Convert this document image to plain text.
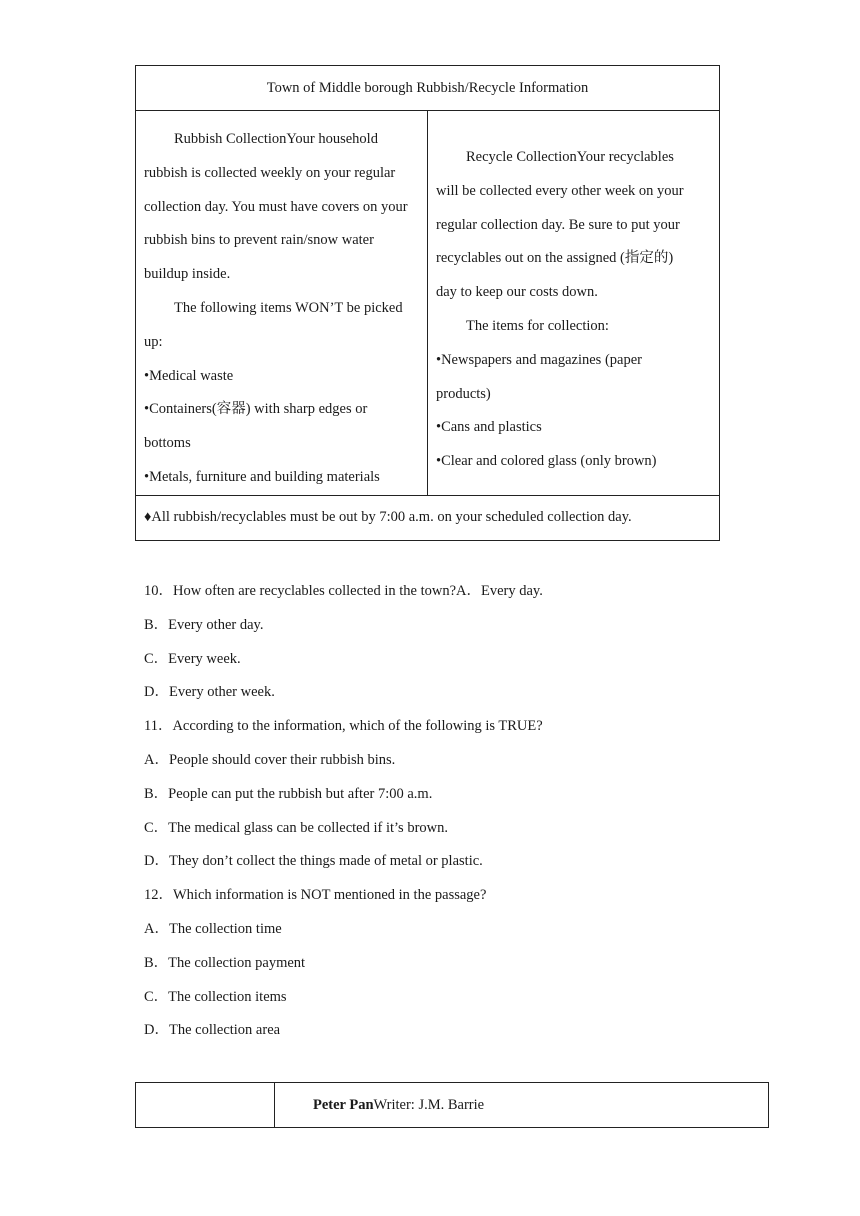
Town of Middle borough Rubbish/Recycle Information

Rubbish CollectionYour household
rubbish is collected weekly on your regular
collection day. You must have covers on your
rubbish bins to prevent rain/snow water
buildup inside.
The following items WON’T be picked
up:
•Medical waste
•Containers(容器) with sharp edges or
bottoms
•Metals, furniture and building materials

Recycle CollectionYour recyclables
will be collected every other week on your
regular collection day. Be sure to put your
recyclables out on the assigned (指定的)
day to keep our costs down.
The items for collection:
•Newspapers and magazines (paper
products)
•Cans and plastics
•Clear and colored glass (only brown)

♦All rubbish/recyclables must be out by 7:00 a.m. on your scheduled collection day.
10．How often are recyclables collected in the town?A．Every day.
B．Every other day.
C．Every week.
D．Every other week.
11．According to the information, which of the following is TRUE?
A．People should cover their rubbish bins.
B．People can put the rubbish but after 7:00 a.m.
C．The medical glass can be collected if it’s brown.
D．They don’t collect the things made of metal or plastic.
12．Which information is NOT mentioned in the passage?
A．The collection time
B．The collection payment
C．The collection items
D．The collection area
	Peter PanWriter: J.M. Barrie
